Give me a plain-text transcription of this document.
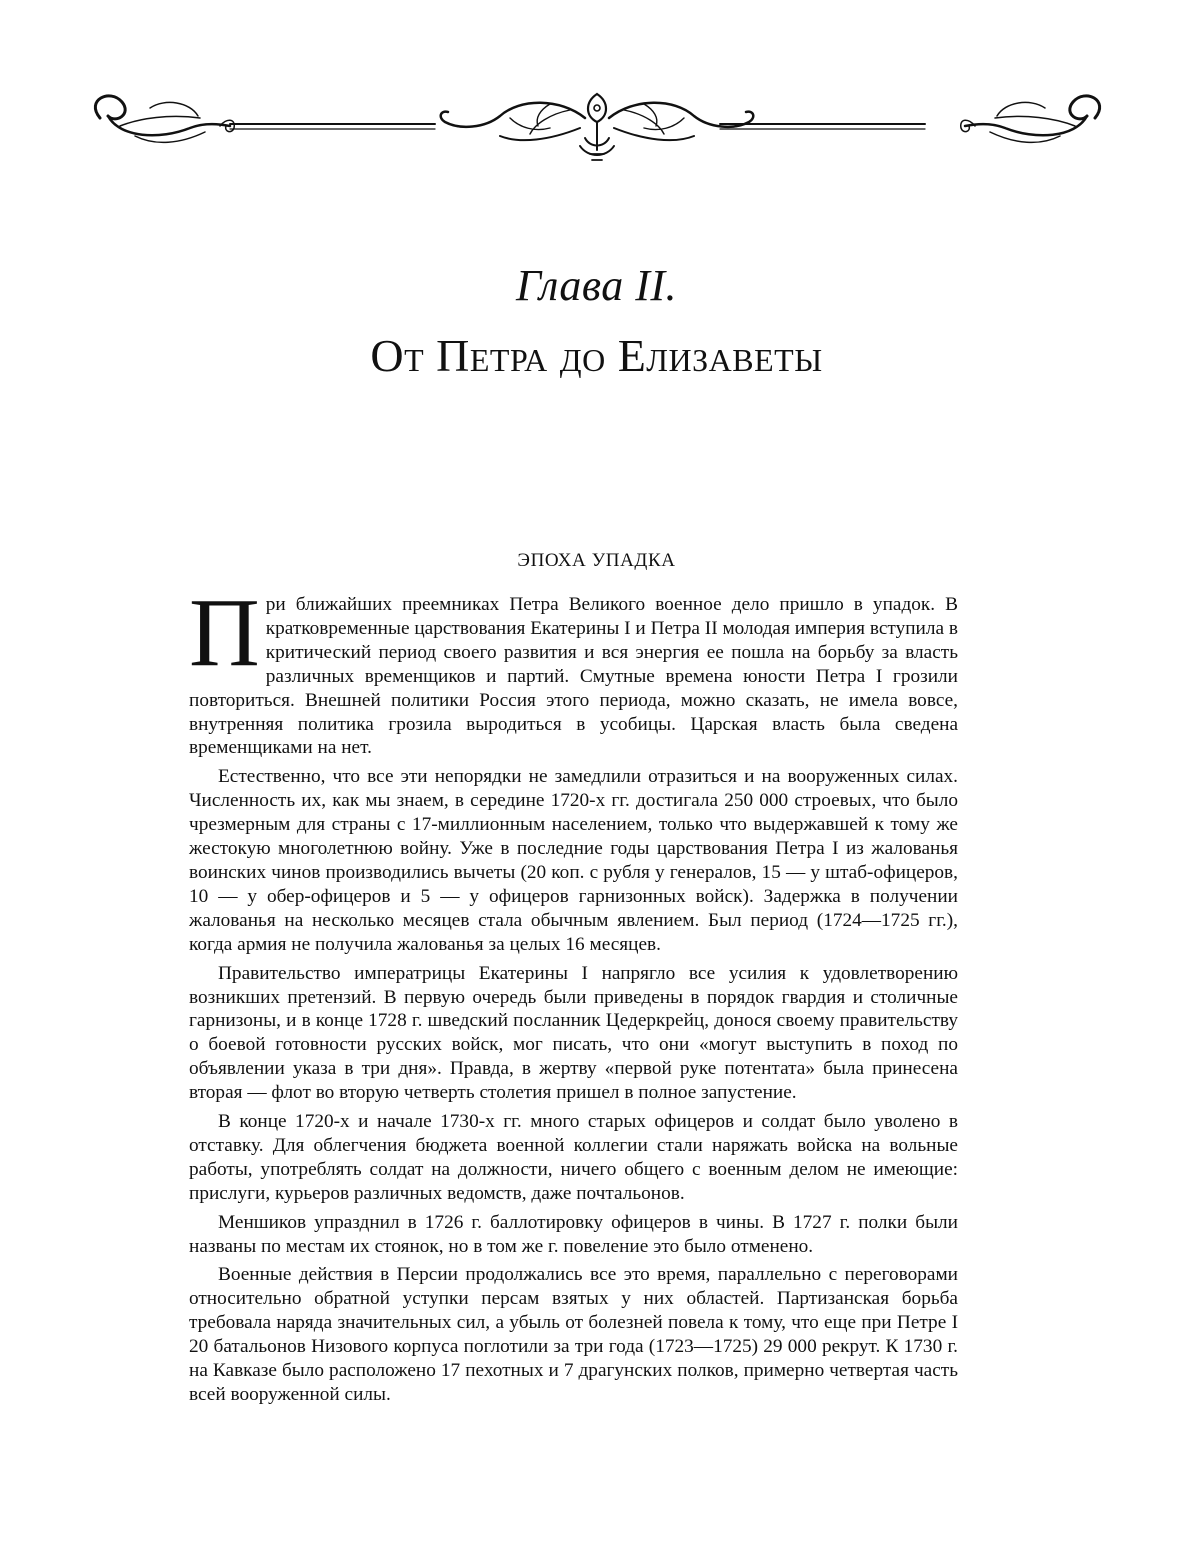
Глава II.
От Петра до Елизаветы
ЭПОХА УПАДКА

При ближайших преемниках Петра Великого военное дело пришло в упадок. В кратковременные царствования Екатерины I и Петра II молодая империя вступила в критический период своего развития и вся энергия ее пошла на борьбу за власть различных временщиков и партий. Смутные времена юности Петра I грозили повториться. Внешней политики Россия этого периода, можно сказать, не имела вовсе, внутренняя политика грозила выродиться в усобицы. Царская власть была сведена временщиками на нет.

Естественно, что все эти непорядки не замедлили отразиться и на вооруженных силах. Численность их, как мы знаем, в середине 1720-х гг. достигала 250 000 строевых, что было чрезмерным для страны с 17-миллионным населением, только что выдержавшей к тому же жестокую многолетнюю войну. Уже в последние годы царствования Петра I из жалованья воинских чинов производились вычеты (20 коп. с рубля у генералов, 15 — у штаб-офицеров, 10 — у обер-офицеров и 5 — у офицеров гарнизонных войск). Задержка в получении жалованья на несколько месяцев стала обычным явлением. Был период (1724—1725 гг.), когда армия не получила жалованья за целых 16 месяцев.

Правительство императрицы Екатерины I напрягло все усилия к удовлетворению возникших претензий. В первую очередь были приведены в порядок гвардия и столичные гарнизоны, и в конце 1728 г. шведский посланник Цедеркрейц, донося своему правительству о боевой готовности русских войск, мог писать, что они «могут выступить в поход по объявлении указа в три дня». Правда, в жертву «первой руке потентата» была принесена вторая — флот во вторую четверть столетия пришел в полное запустение.

В конце 1720-х и начале 1730-х гг. много старых офицеров и солдат было уволено в отставку. Для облегчения бюджета военной коллегии стали наряжать войска на вольные работы, употреблять солдат на должности, ничего общего с военным делом не имеющие: прислуги, курьеров различных ведомств, даже почтальонов.

Меншиков упразднил в 1726 г. баллотировку офицеров в чины. В 1727 г. полки были названы по местам их стоянок, но в том же г. повеление это было отменено.

Военные действия в Персии продолжались все это время, параллельно с переговорами относительно обратной уступки персам взятых у них областей. Партизанская борьба требовала наряда значительных сил, а убыль от болезней повела к тому, что еще при Петре I 20 батальонов Низового корпуса поглотили за три года (1723—1725) 29 000 рекрут. К 1730 г. на Кавказе было расположено 17 пехотных и 7 драгунских полков, примерно четвертая часть всей вооруженной силы.
